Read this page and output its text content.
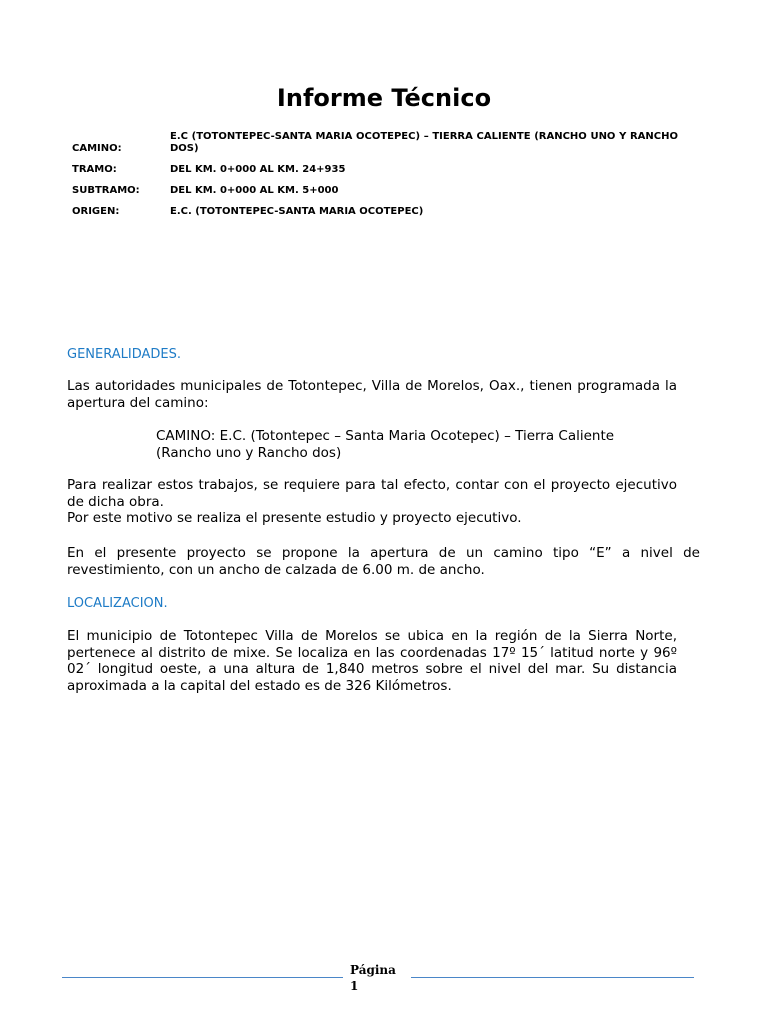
Informe Técnico
CAMINO:
E.C (TOTONTEPEC-SANTA MARIA OCOTEPEC) – TIERRA CALIENTE (RANCHO UNO Y RANCHO DOS)
TRAMO:	DEL KM. 0+000 AL KM. 24+935
SUBTRAMO:	DEL KM. 0+000 AL KM. 5+000
ORIGEN:	E.C. (TOTONTEPEC-SANTA MARIA OCOTEPEC)
GENERALIDADES.
Las autoridades municipales de Totontepec, Villa de Morelos, Oax., tienen programada la apertura del camino:
CAMINO: E.C. (Totontepec – Santa Maria Ocotepec) – Tierra Caliente
(Rancho uno y Rancho dos)
Para realizar estos trabajos, se requiere para tal efecto, contar con el proyecto ejecutivo de dicha obra.
Por este motivo se realiza el presente estudio y proyecto ejecutivo.
En el presente proyecto se propone la apertura de un camino tipo “E” a nivel de revestimiento, con un ancho de calzada de 6.00 m. de ancho.
LOCALIZACION.
El municipio de Totontepec Villa de Morelos se ubica en la región de la Sierra Norte, pertenece al distrito de mixe. Se localiza en las coordenadas 17º 15´ latitud norte y 96º 02´ longitud oeste, a una altura de 1,840 metros sobre el nivel del mar. Su distancia aproximada a la capital del estado es de 326 Kilómetros.
Página
1
